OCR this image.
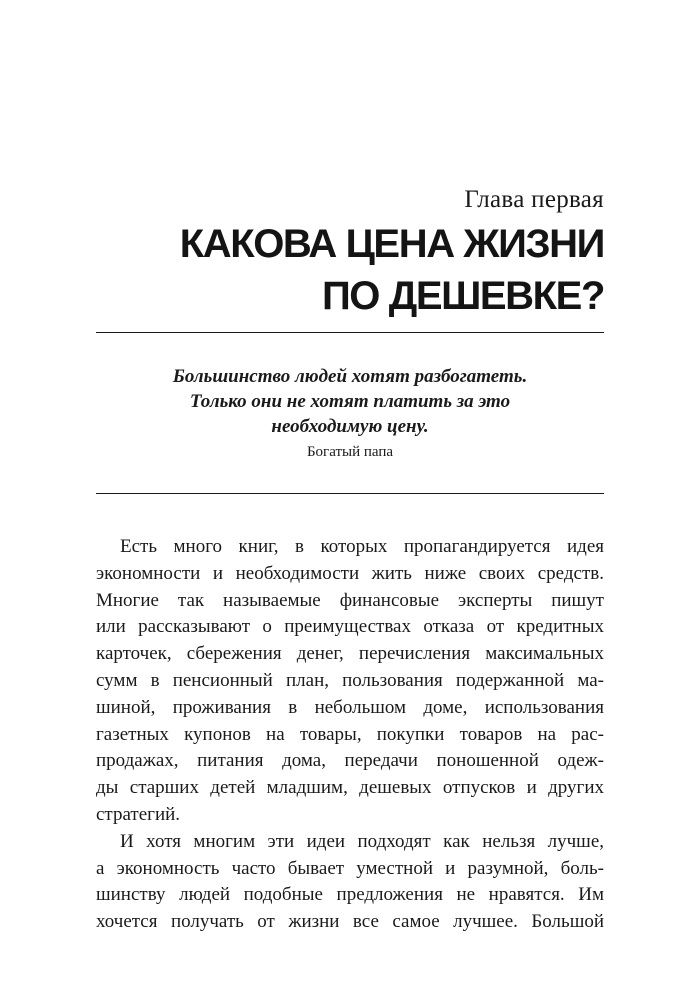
Глава первая
КАКОВА ЦЕНА ЖИЗНИ
ПО ДЕШЕВКЕ?
Большинство людей хотят разбогатеть.
Только они не хотят платить за это
необходимую цену.
Богатый папа
Есть много книг, в которых пропагандируется идея
экономности и необходимости жить ниже своих средств.
Многие так называемые финансовые эксперты пишут
или рассказывают о преимуществах отказа от кредитных
карточек, сбережения денег, перечисления максимальных
сумм в пенсионный план, пользования подержанной ма-
шиной, проживания в небольшом доме, использования
газетных купонов на товары, покупки товаров на рас-
продажах, питания дома, передачи поношенной одеж-
ды старших детей младшим, дешевых отпусков и других
стратегий.
И хотя многим эти идеи подходят как нельзя лучше,
а экономность часто бывает уместной и разумной, боль-
шинству людей подобные предложения не нравятся. Им
хочется получать от жизни все самое лучшее. Большой
